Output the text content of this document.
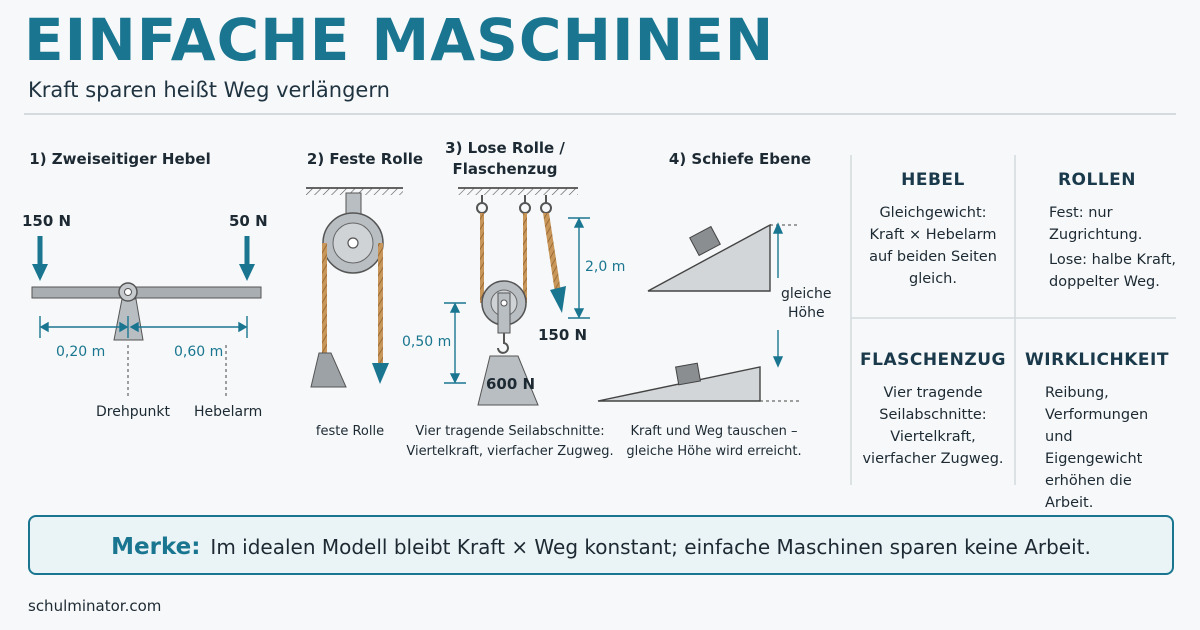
EINFACHE MASCHINEN
Kraft sparen heißt Weg verlängern
1) Zweiseitiger Hebel	2) Feste Rolle
3) Lose Rolle /
Flaschenzug
4) Schiefe Ebene
150 N	50 N
0,20 m	0,60 m
Drehpunkt Hebelarm
feste Rolle
2,0 m
150 N
0,50 m
600 N
Vier tragende Seilabschnitte:
Viertelkraft, vierfacher Zugweg.
gleiche
Höhe
Kraft und Weg tauschen –
gleiche Höhe wird erreicht.
HEBEL
Gleichgewicht:
Kraft × Hebelarm
auf beiden Seiten
gleich.
ROLLEN
Fest: nur
Zugrichtung.
Lose: halbe Kraft,
doppelter Weg.
FLASCHENZUG
Vier tragende
Seilabschnitte:
Viertelkraft,
vierfacher Zugweg.
WIRKLICHKEIT
Reibung,
Verformungen und
Eigengewicht
erhöhen die Arbeit.
Merke: Im idealen Modell bleibt Kraft × Weg konstant; einfache Maschinen sparen keine Arbeit.
schulminator.com
